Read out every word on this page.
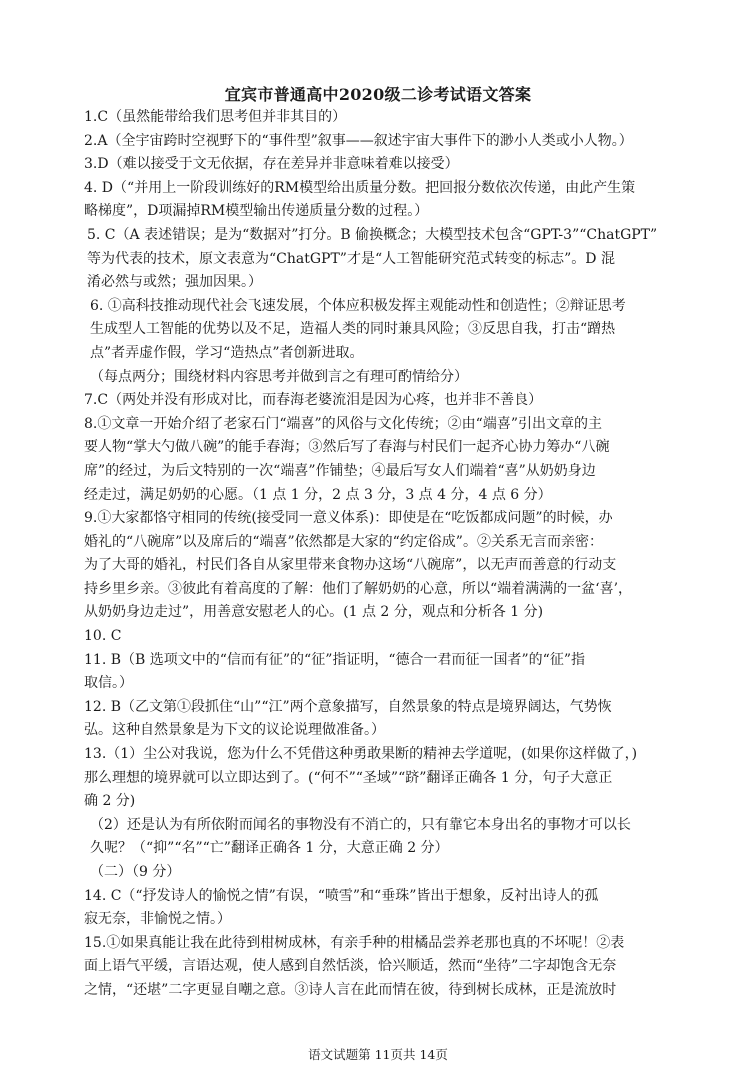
宜宾市普通高中2020级二诊考试语文答案
1.C（虽然能带给我们思考但并非其目的）
2.A（全宇宙跨时空视野下的“事件型”叙事——叙述宇宙大事件下的渺小人类或小人物。）
3.D（难以接受于文无依据，存在差异并非意味着难以接受）
4. D（“并用上一阶段训练好的RM模型给出质量分数。把回报分数依次传递，由此产生策
略梯度”，D项漏掉RM模型输出传递质量分数的过程。）
5. C（A 表述错误；是为“数据对”打分。B 偷换概念；大模型技术包含“GPT-3”“ChatGPT”
等为代表的技术，原文表意为“ChatGPT”才是“人工智能研究范式转变的标志”。D 混
淆必然与或然；强加因果。）
6. ①高科技推动现代社会飞速发展，个体应积极发挥主观能动性和创造性；②辩证思考
生成型人工智能的优势以及不足，造福人类的同时兼具风险；③反思自我，打击“蹭热
点”者弄虚作假，学习“造热点”者创新进取。
（每点两分；围绕材料内容思考并做到言之有理可酌情给分）
7.C（两处并没有形成对比，而春海老婆流泪是因为心疼，也并非不善良）
8.①文章一开始介绍了老家石门“端喜”的风俗与文化传统；②由“端喜”引出文章的主
要人物“掌大勺做八碗”的能手春海；③然后写了春海与村民们一起齐心协力筹办“八碗
席”的经过，为后文特别的一次“端喜”作铺垫；④最后写女人们端着“喜”从奶奶身边
经走过，满足奶奶的心愿。（1 点 1 分，2 点 3 分，3 点 4 分，4 点 6 分）
9.①大家都恪守相同的传统(接受同一意义体系)：即使是在“吃饭都成问题”的时候，办
婚礼的“八碗席”以及席后的“端喜”依然都是大家的“约定俗成”。②关系无言而亲密：
为了大哥的婚礼，村民们各自从家里带来食物办这场“八碗席”，以无声而善意的行动支
持乡里乡亲。③彼此有着高度的了解：他们了解奶奶的心意，所以“端着满满的一盆‘喜’，
从奶奶身边走过”，用善意安慰老人的心。(1 点 2 分，观点和分析各 1 分)
10. C
11. B（B 选项文中的“信而有征”的“征”指证明，“德合一君而征一国者”的“征”指
取信。）
12. B（乙文第①段抓住“山”“江”两个意象描写，自然景象的特点是境界阔达，气势恢
弘。这种自然景象是为下文的议论说理做准备。）
13.（1）尘公对我说，您为什么不凭借这种勇敢果断的精神去学道呢，(如果你这样做了，)
那么理想的境界就可以立即达到了。(“何不”“圣域”“跻”翻译正确各 1 分，句子大意正
确 2 分)
（2）还是认为有所依附而闻名的事物没有不消亡的，只有靠它本身出名的事物才可以长
久呢？（“抑”“名”“亡”翻译正确各 1 分，大意正确 2 分）
（二）（9 分）
14. C（“抒发诗人的愉悦之情”有误，“喷雪”和“垂珠”皆出于想象，反衬出诗人的孤
寂无奈，非愉悦之情。）
15.①如果真能让我在此待到柑树成林，有亲手种的柑橘品尝养老那也真的不坏呢！②表
面上语气平缓，言语达观，使人感到自然恬淡，恰兴顺适，然而“坐待”二字却饱含无奈
之情，“还堪”二字更显自嘲之意。③诗人言在此而情在彼，待到树长成林，正是流放时
语文试题第 11页共 14页
